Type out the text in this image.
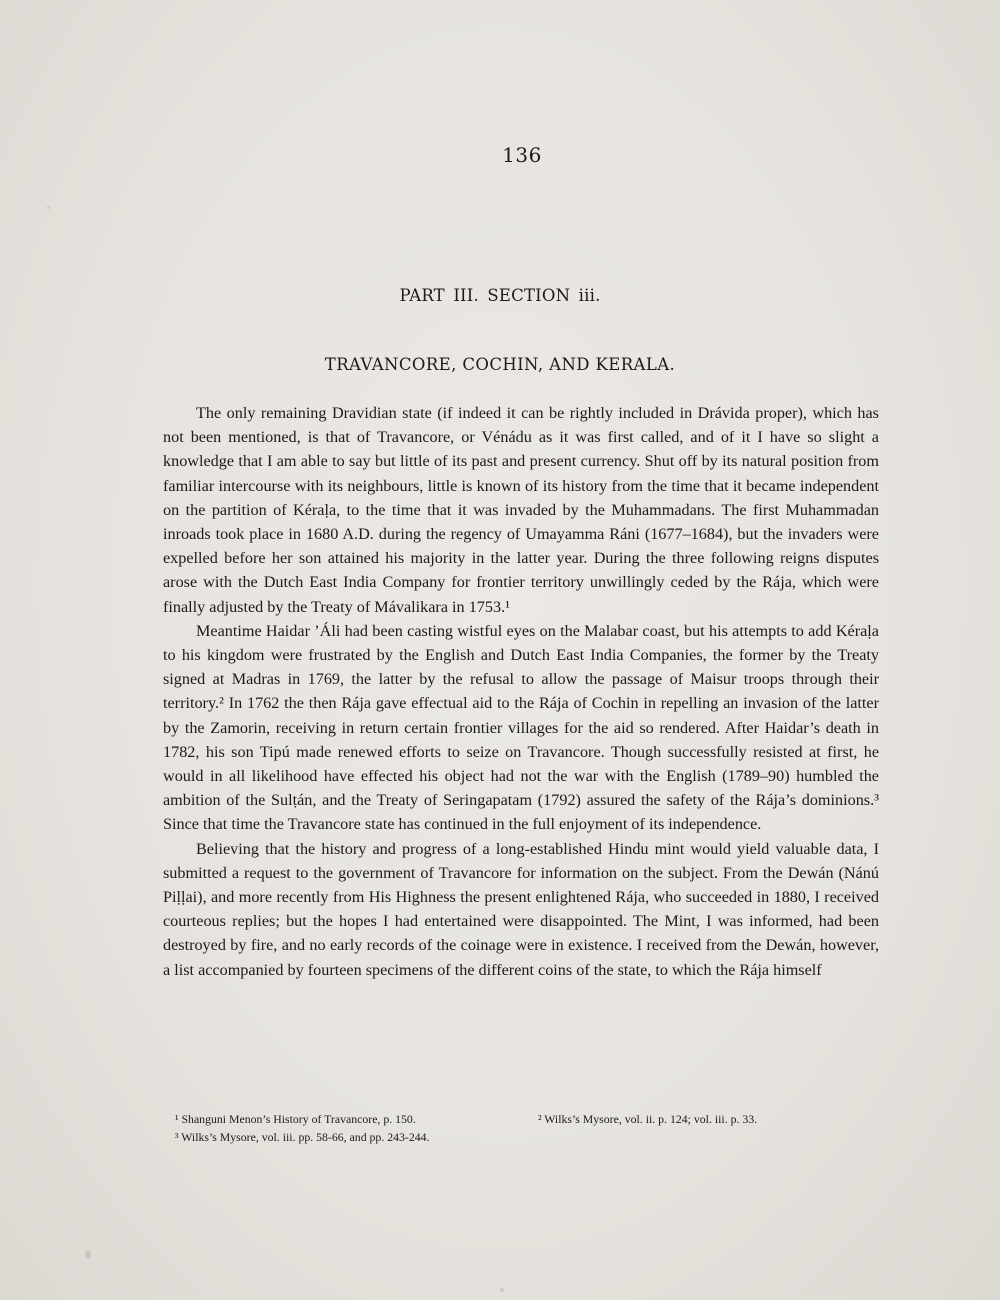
136
PART III. SECTION iii.
TRAVANCORE, COCHIN, AND KERALA.

The only remaining Dravidian state (if indeed it can be rightly included in Drávida proper), which has not been mentioned, is that of Travancore, or Vénádu as it was first called, and of it I have so slight a knowledge that I am able to say but little of its past and present currency. Shut off by its natural position from familiar intercourse with its neighbours, little is known of its history from the time that it became independent on the partition of Kéraḷa, to the time that it was invaded by the Muhammadans. The first Muhammadan inroads took place in 1680 A.D. during the regency of Umayamma Ráni (1677–1684), but the invaders were expelled before her son attained his majority in the latter year. During the three following reigns disputes arose with the Dutch East India Company for frontier territory unwillingly ceded by the Rája, which were finally adjusted by the Treaty of Mávalikara in 1753.¹

Meantime Haidar ’Áli had been casting wistful eyes on the Malabar coast, but his attempts to add Kéraḷa to his kingdom were frustrated by the English and Dutch East India Companies, the former by the Treaty signed at Madras in 1769, the latter by the refusal to allow the passage of Maisur troops through their territory.² In 1762 the then Rája gave effectual aid to the Rája of Cochin in repelling an invasion of the latter by the Zamorin, receiving in return certain frontier villages for the aid so rendered. After Haidar’s death in 1782, his son Tipú made renewed efforts to seize on Travancore. Though successfully resisted at first, he would in all likelihood have effected his object had not the war with the English (1789–90) humbled the ambition of the Sulṭán, and the Treaty of Seringapatam (1792) assured the safety of the Rája’s dominions.³ Since that time the Travancore state has continued in the full enjoyment of its independence.

Believing that the history and progress of a long-established Hindu mint would yield valuable data, I submitted a request to the government of Travancore for information on the subject. From the Dewán (Nánú Piḷḷai), and more recently from His Highness the present enlightened Rája, who succeeded in 1880, I received courteous replies; but the hopes I had entertained were disappointed. The Mint, I was informed, had been destroyed by fire, and no early records of the coinage were in existence. I received from the Dewán, however, a list accompanied by fourteen specimens of the different coins of the state, to which the Rája himself

¹ Shanguni Menon’s History of Travancore, p. 150.	² Wilks’s Mysore, vol. ii. p. 124; vol. iii. p. 33.
³ Wilks’s Mysore, vol. iii. pp. 58-66, and pp. 243-244.
